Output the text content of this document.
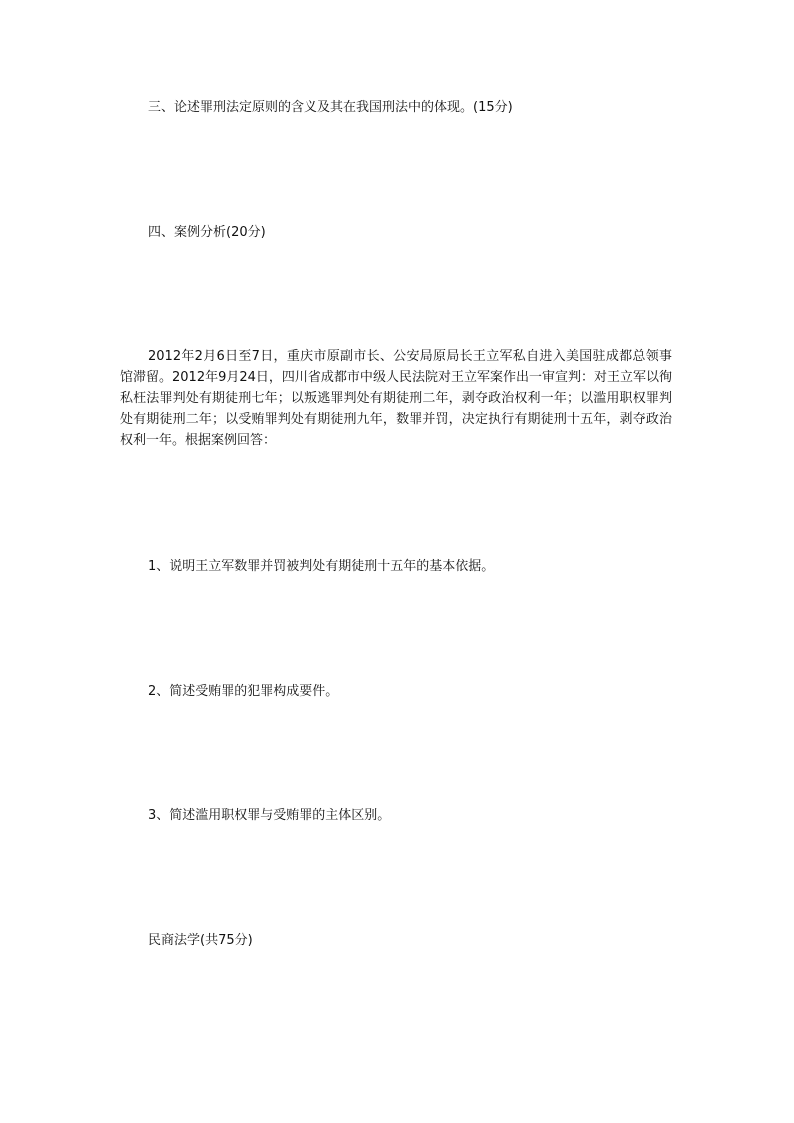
三、论述罪刑法定原则的含义及其在我国刑法中的体现。(15分)
四、案例分析(20分)
2012年2月6日至7日，重庆市原副市长、公安局原局长王立军私自进入美国驻成都总领事馆滞留。2012年9月24日，四川省成都市中级人民法院对王立军案作出一审宣判：对王立军以徇私枉法罪判处有期徒刑七年；以叛逃罪判处有期徒刑二年，剥夺政治权利一年；以滥用职权罪判处有期徒刑二年；以受贿罪判处有期徒刑九年，数罪并罚，决定执行有期徒刑十五年，剥夺政治权利一年。根据案例回答：
1、说明王立军数罪并罚被判处有期徒刑十五年的基本依据。
2、简述受贿罪的犯罪构成要件。
3、简述滥用职权罪与受贿罪的主体区别。
民商法学(共75分)
